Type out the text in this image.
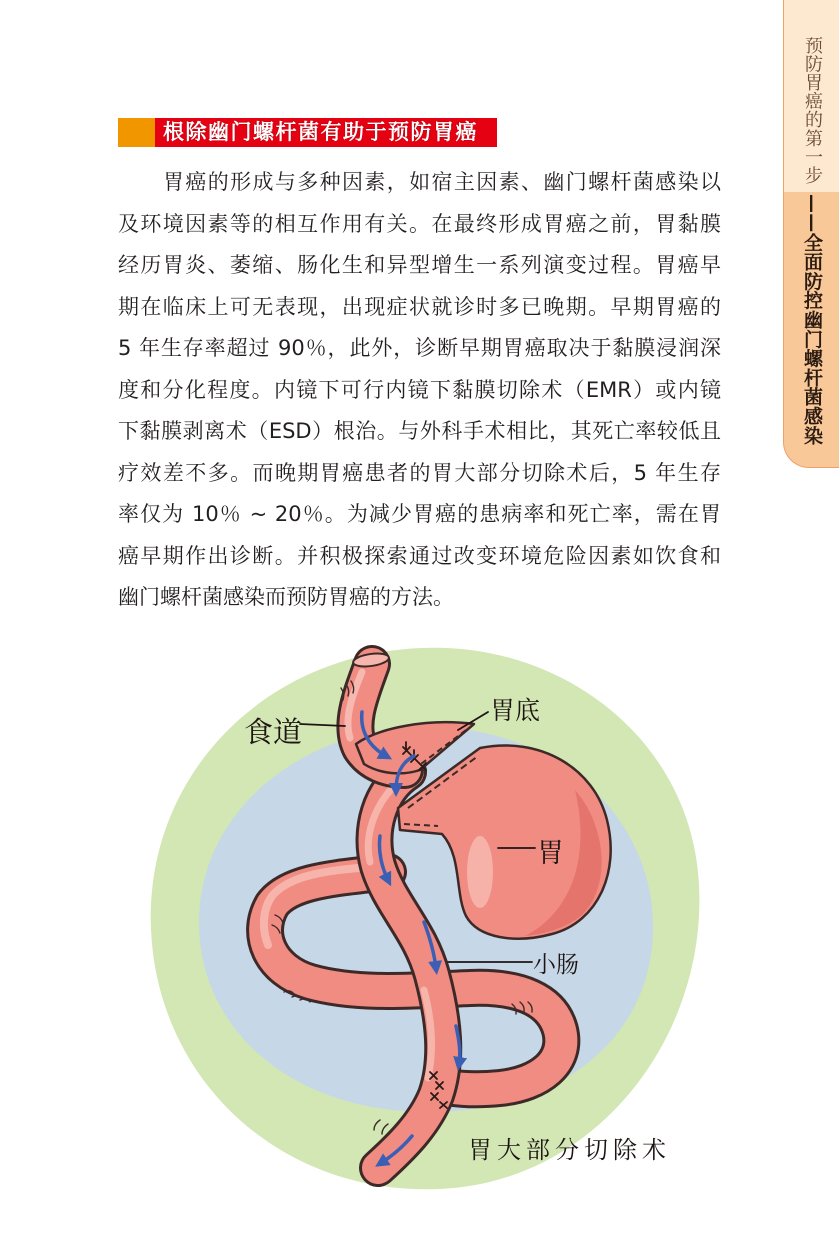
预防胃癌的第一步
——全面防控幽门螺杆菌感染
根除幽门螺杆菌有助于预防胃癌
胃癌的形成与多种因素，如宿主因素、幽门螺杆菌感染以
及环境因素等的相互作用有关。在最终形成胃癌之前，胃黏膜
经历胃炎、萎缩、肠化生和异型增生一系列演变过程。胃癌早
期在临床上可无表现，出现症状就诊时多已晚期。早期胃癌的
5 年生存率超过 90％，此外，诊断早期胃癌取决于黏膜浸润深
度和分化程度。内镜下可行内镜下黏膜切除术（EMR）或内镜
下黏膜剥离术（ESD）根治。与外科手术相比，其死亡率较低且
疗效差不多。而晚期胃癌患者的胃大部分切除术后，5 年生存
率仅为 10％ ~ 20％。为减少胃癌的患病率和死亡率，需在胃
癌早期作出诊断。并积极探索通过改变环境危险因素如饮食和
幽门螺杆菌感染而预防胃癌的方法。
食道
胃底
胃
小肠
胃大部分切除术
